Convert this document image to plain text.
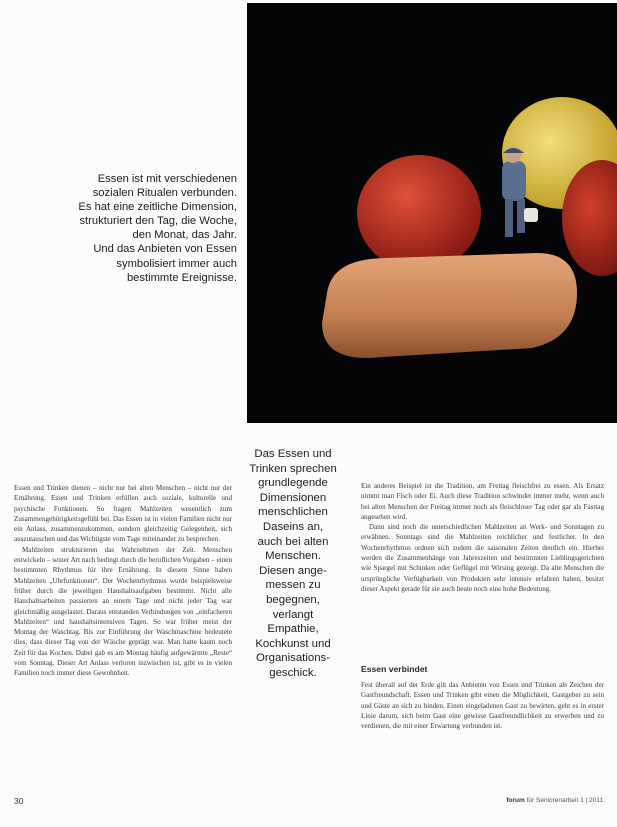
Essen ist mit verschiedenen
sozialen Ritualen verbunden.
Es hat eine zeitliche Dimension,
strukturiert den Tag, die Woche,
den Monat, das Jahr.
Und das Anbieten von Essen
symbolisiert immer auch
bestimmte Ereignisse.
Das Essen und
Trinken sprechen
grundlegende
Dimensionen
menschlichen
Daseins an,
auch bei alten
Menschen.
Diesen ange-
messen zu
begegnen,
verlangt
Empathie,
Kochkunst und
Organisations-
geschick.

Essen und Trinken dienen – nicht nur bei alten Menschen – nicht nur der Ernährung. Essen und Trinken erfüllen auch soziale, kulturelle und psychische Funktionen. So fragen Mahlzeiten wesentlich zum Zusammengehörigkeitsgefühl bei. Das Essen ist in vielen Familien nicht nur ein Anlass, zusammenzukommen, sondern gleichzeitig Gelegenheit, sich auszutauschen und das Wichtigste vom Tage miteinander zu besprechen.

Mahlzeiten strukturieren das Wahrnehmen der Zeit. Menschen entwickeln – seiner Art nach bedingt durch die beruflichen Vorgaben – einen bestimmten Rhythmus für ihre Ernährung. In diesem Sinne haben Mahlzeiten „Uhrfunktionen“. Der Wochenrhythmus wurde beispielsweise früher durch die jeweiligen Haushaltsaufgaben bestimmt. Nicht alle Haushaltsarbeiten passierten an einem Tage und nicht jeder Tag war gleichmäßig ausgelastet. Daraus entstanden Verbindungen von „einfacheren Mahlzeiten“ und haushaltsintensiven Tagen. So war früher meist der Montag der Waschtag. Bis zur Einführung der Waschmaschine bedeutete dies, dass dieser Tag von der Wäsche geprägt war. Man hatte kaum noch Zeit für das Kochen. Dabei gab es am Montag häufig aufgewärmte „Reste“ vom Sonntag. Dieser Art Anlass verloren inzwischen ist, gibt es in vielen Familien noch immer diese Gewohnheit.

Ein anderes Beispiel ist die Tradition, am Freitag fleischfrei zu essen. Als Ersatz nimmt man Fisch oder Ei. Auch diese Tradition schwindet immer mehr, wenn auch bei alten Menschen der Freitag immer noch als fleischloser Tag oder gar als Fasttag angesehen wird.

Dann sind noch die unterschiedlichen Mahlzeiten an Werk- und Sonntagen zu erwähnen. Sonntags sind die Mahlzeiten reichlicher und festlicher. In den Wochenrhythmus ordnen sich zudem die saisonalen Zeiten deutlich ein. Hierbei werden die Zusammenhänge von Jahreszeiten und bestimmten Lieblingsgerichten wie Spargel mit Schinken oder Geflügel mit Wirsing gezeigt. Da alte Menschen die ursprüngliche Verfügbarkeit von Produkten sehr intensiv erfahren haben, besitzt dieser Aspekt gerade für sie auch heute noch eine hohe Bedeutung.

Essen verbindet

Fest überall auf der Erde gilt das Anbieten von Essen und Trinken als Zeichen der Gastfreundschaft. Essen und Trinken gibt einen die Möglichkeit, Gastgeber zu sein und Gäste an sich zu binden. Einen eingeladenen Gast zu bewirten, geht es in erster Linie darum, sich beim Gast eine gewisse Gastfreundlichkeit zu erwerben und zu verdienen, die mit einer Erwartung verbunden ist.

30	forum für Seniorenarbeit 1 | 2011
